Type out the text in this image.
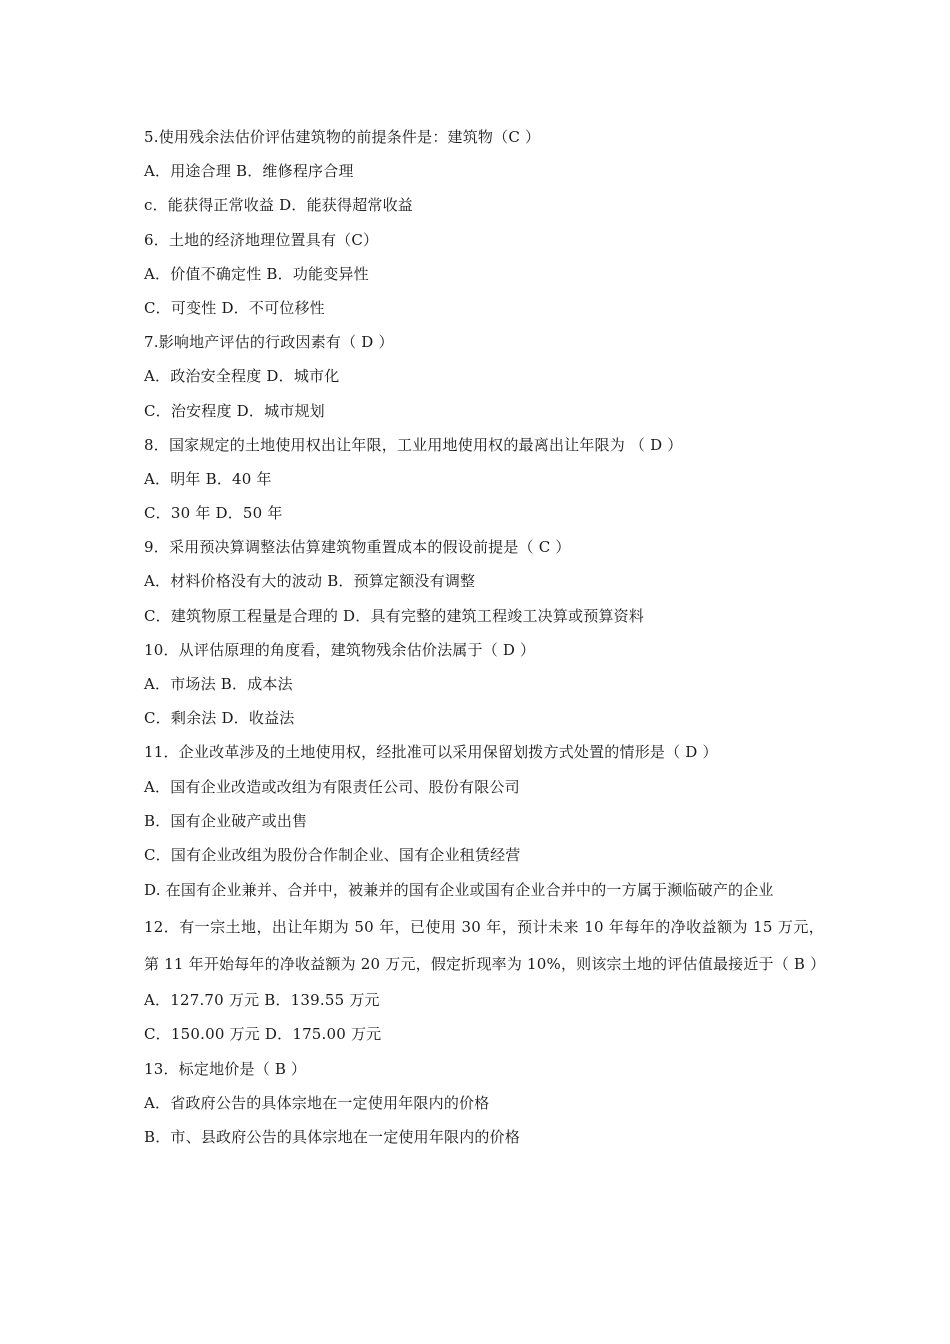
5.使用残余法估价评估建筑物的前提条件是：建筑物（C ）
A．用途合理 B．维修程序合理
c．能获得正常收益 D．能获得超常收益
6．土地的经济地理位置具有（C）
A．价值不确定性 B．功能变异性
C．可变性 D．不可位移性
7.影响地产评估的行政因素有（ D ）
A．政治安全程度 D．城市化
C．治安程度 D．城市规划
8．国家规定的土地使用权出让年限，工业用地使用权的最离出让年限为 （ D ）
A．明年 B．40 年
C．30 年 D．50 年
9．采用预决算调整法估算建筑物重置成本的假设前提是（ C ）
A．材料价格没有大的波动 B．预算定额没有调整
C．建筑物原工程量是合理的 D．具有完整的建筑工程竣工决算或预算资料
10．从评估原理的角度看，建筑物残余估价法属于（ D ）
A．市场法 B．成本法
C．剩余法 D．收益法
11．企业改革涉及的土地使用权，经批准可以采用保留划拨方式处置的情形是（ D ）
A．国有企业改造或改组为有限责任公司、股份有限公司
B．国有企业破产或出售
C．国有企业改组为股份合作制企业、国有企业租赁经营
D. 在国有企业兼并、合并中，被兼并的国有企业或国有企业合并中的一方属于濒临破产的企业
12．有一宗土地，出让年期为 50 年，已使用 30 年，预计未来 10 年每年的净收益额为 15 万元，第 11 年开始每年的净收益额为 20 万元，假定折现率为 10%，则该宗土地的评估值最接近于（ B ）
A．127.70 万元 B．139.55 万元
C．150.00 万元 D．175.00 万元
13．标定地价是（ B ）
A．省政府公告的具体宗地在一定使用年限内的价格
B．市、县政府公告的具体宗地在一定使用年限内的价格
